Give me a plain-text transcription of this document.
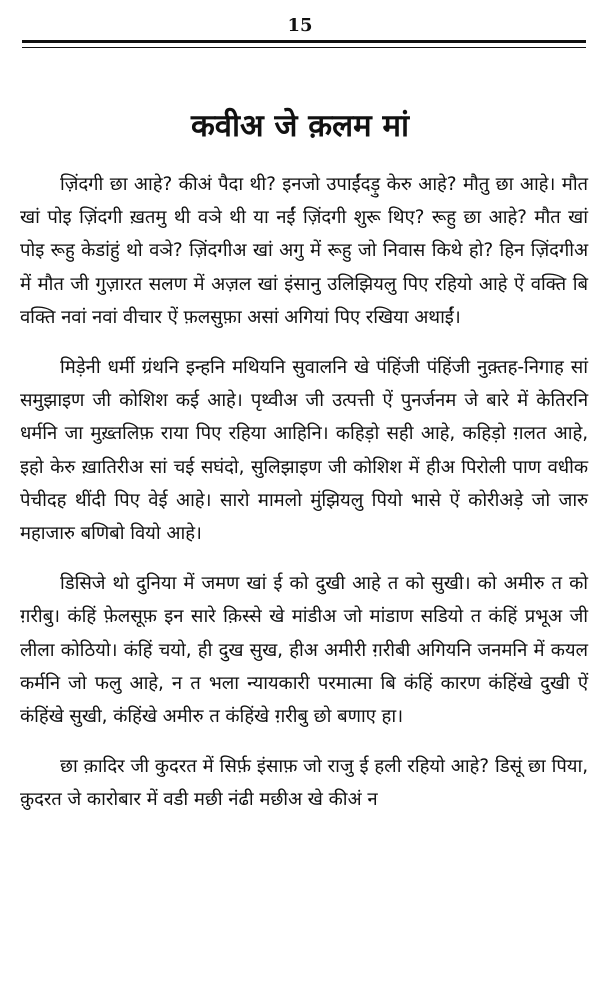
15
कवीअ जे क़लम मां

ज़िंदगी छा आहे? कीअं पैदा थी? इनजो उपाईंदड़ु केरु आहे? मौतु छा आहे। मौत खां पोइ ज़िंदगी ख़तमु थी वञे थी या नईं ज़िंदगी शुरू थिए? रूहु छा आहे? मौत खां पोइ रूहु केडांहुं थो वञे? ज़िंदगीअ खां अगु में रूहु जो निवास किथे हो? हिन ज़िंदगीअ में मौत जी गुज़ारत सलण में अज़ल खां इंसानु उलिझियलु पिए रहियो आहे ऐं वक्ति बि वक्ति नवां नवां वीचार ऐं फ़लसुफ़ा असां अगियां पिए रखिया अथाईं।

मिड़ेनी धर्मी ग्रंथनि इन्हनि मथियनि सुवालनि खे पंहिंजी पंहिंजी नुक़्तह-निगाह सां समुझाइण जी कोशिश कई आहे। पृथ्वीअ जी उत्पत्ती ऐं पुनर्जनम जे बारे में केतिरनि धर्मनि जा मुख़्तलिफ़ राया पिए रहिया आहिनि। कहिड़ो सही आहे, कहिड़ो ग़लत आहे, इहो केरु ख़ातिरीअ सां चई सघंदो, सुलिझाइण जी कोशिश में हीअ पिरोली पाण वधीक पेचीदह थींदी पिए वेई आहे। सारो मामलो मुंझियलु पियो भासे ऐं कोरीअड़े जो जारु महाजारु बणिबो वियो आहे।

डिसिजे थो दुनिया में जमण खां ई को दुखी आहे त को सुखी। को अमीरु त को ग़रीबु। कंहिं फ़ेलसूफ़ इन सारे क़िस्से खे मांडीअ जो मांडाण सडियो त कंहिं प्रभूअ जी लीला कोठियो। कंहिं चयो, ही दुख सुख, हीअ अमीरी ग़रीबी अगियनि जनमनि में कयल कर्मनि जो फलु आहे, न त भला न्यायकारी परमात्मा बि कंहिं कारण कंहिंखे दुखी ऐं कंहिंखे सुखी, कंहिंखे अमीरु त कंहिंखे ग़रीबु छो बणाए हा।

छा क़ादिर जी कुदरत में सिर्फ़ इंसाफ़ जो राजु ई हली रहियो आहे? डिसूं छा पिया, क़ुदरत जे कारोबार में वडी मछी नंढी मछीअ खे कीअं न
